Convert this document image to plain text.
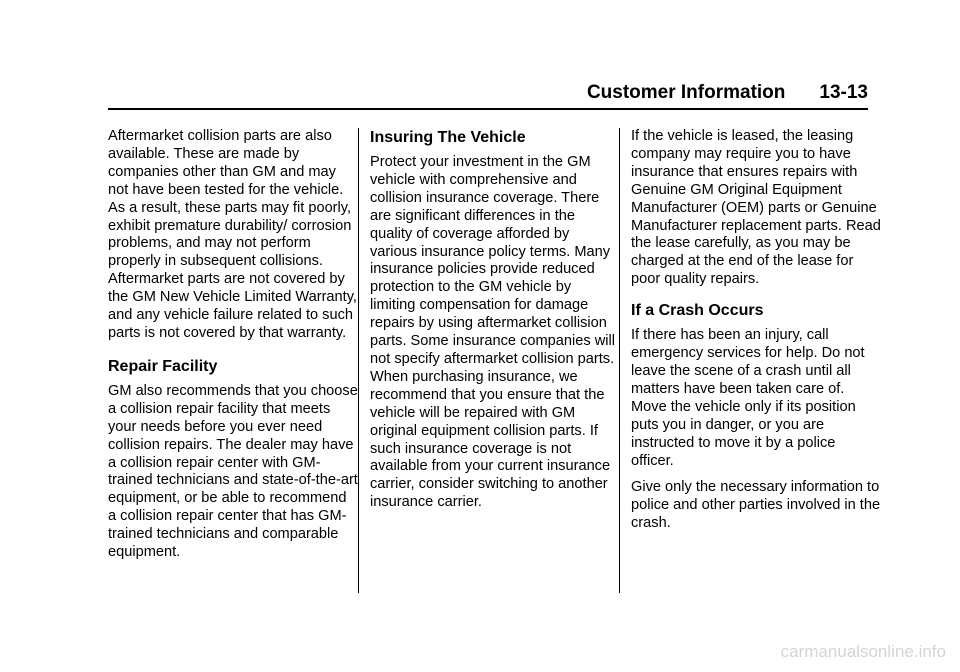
Customer Information 13-13

Aftermarket collision parts are also available. These are made by companies other than GM and may not have been tested for the vehicle. As a result, these parts may fit poorly, exhibit premature durability/ corrosion problems, and may not perform properly in subsequent collisions. Aftermarket parts are not covered by the GM New Vehicle Limited Warranty, and any vehicle failure related to such parts is not covered by that warranty.

Repair Facility

GM also recommends that you choose a collision repair facility that meets your needs before you ever need collision repairs. The dealer may have a collision repair center with GM-trained technicians and state-of-the-art equipment, or be able to recommend a collision repair center that has GM-trained technicians and comparable equipment.

Insuring The Vehicle

Protect your investment in the GM vehicle with comprehensive and collision insurance coverage. There are significant differences in the quality of coverage afforded by various insurance policy terms. Many insurance policies provide reduced protection to the GM vehicle by limiting compensation for damage repairs by using aftermarket collision parts. Some insurance companies will not specify aftermarket collision parts. When purchasing insurance, we recommend that you ensure that the vehicle will be repaired with GM original equipment collision parts. If such insurance coverage is not available from your current insurance carrier, consider switching to another insurance carrier.

If the vehicle is leased, the leasing company may require you to have insurance that ensures repairs with Genuine GM Original Equipment Manufacturer (OEM) parts or Genuine Manufacturer replacement parts. Read the lease carefully, as you may be charged at the end of the lease for poor quality repairs.

If a Crash Occurs

If there has been an injury, call emergency services for help. Do not leave the scene of a crash until all matters have been taken care of. Move the vehicle only if its position puts you in danger, or you are instructed to move it by a police officer.

Give only the necessary information to police and other parties involved in the crash.

carmanualsonline.info
